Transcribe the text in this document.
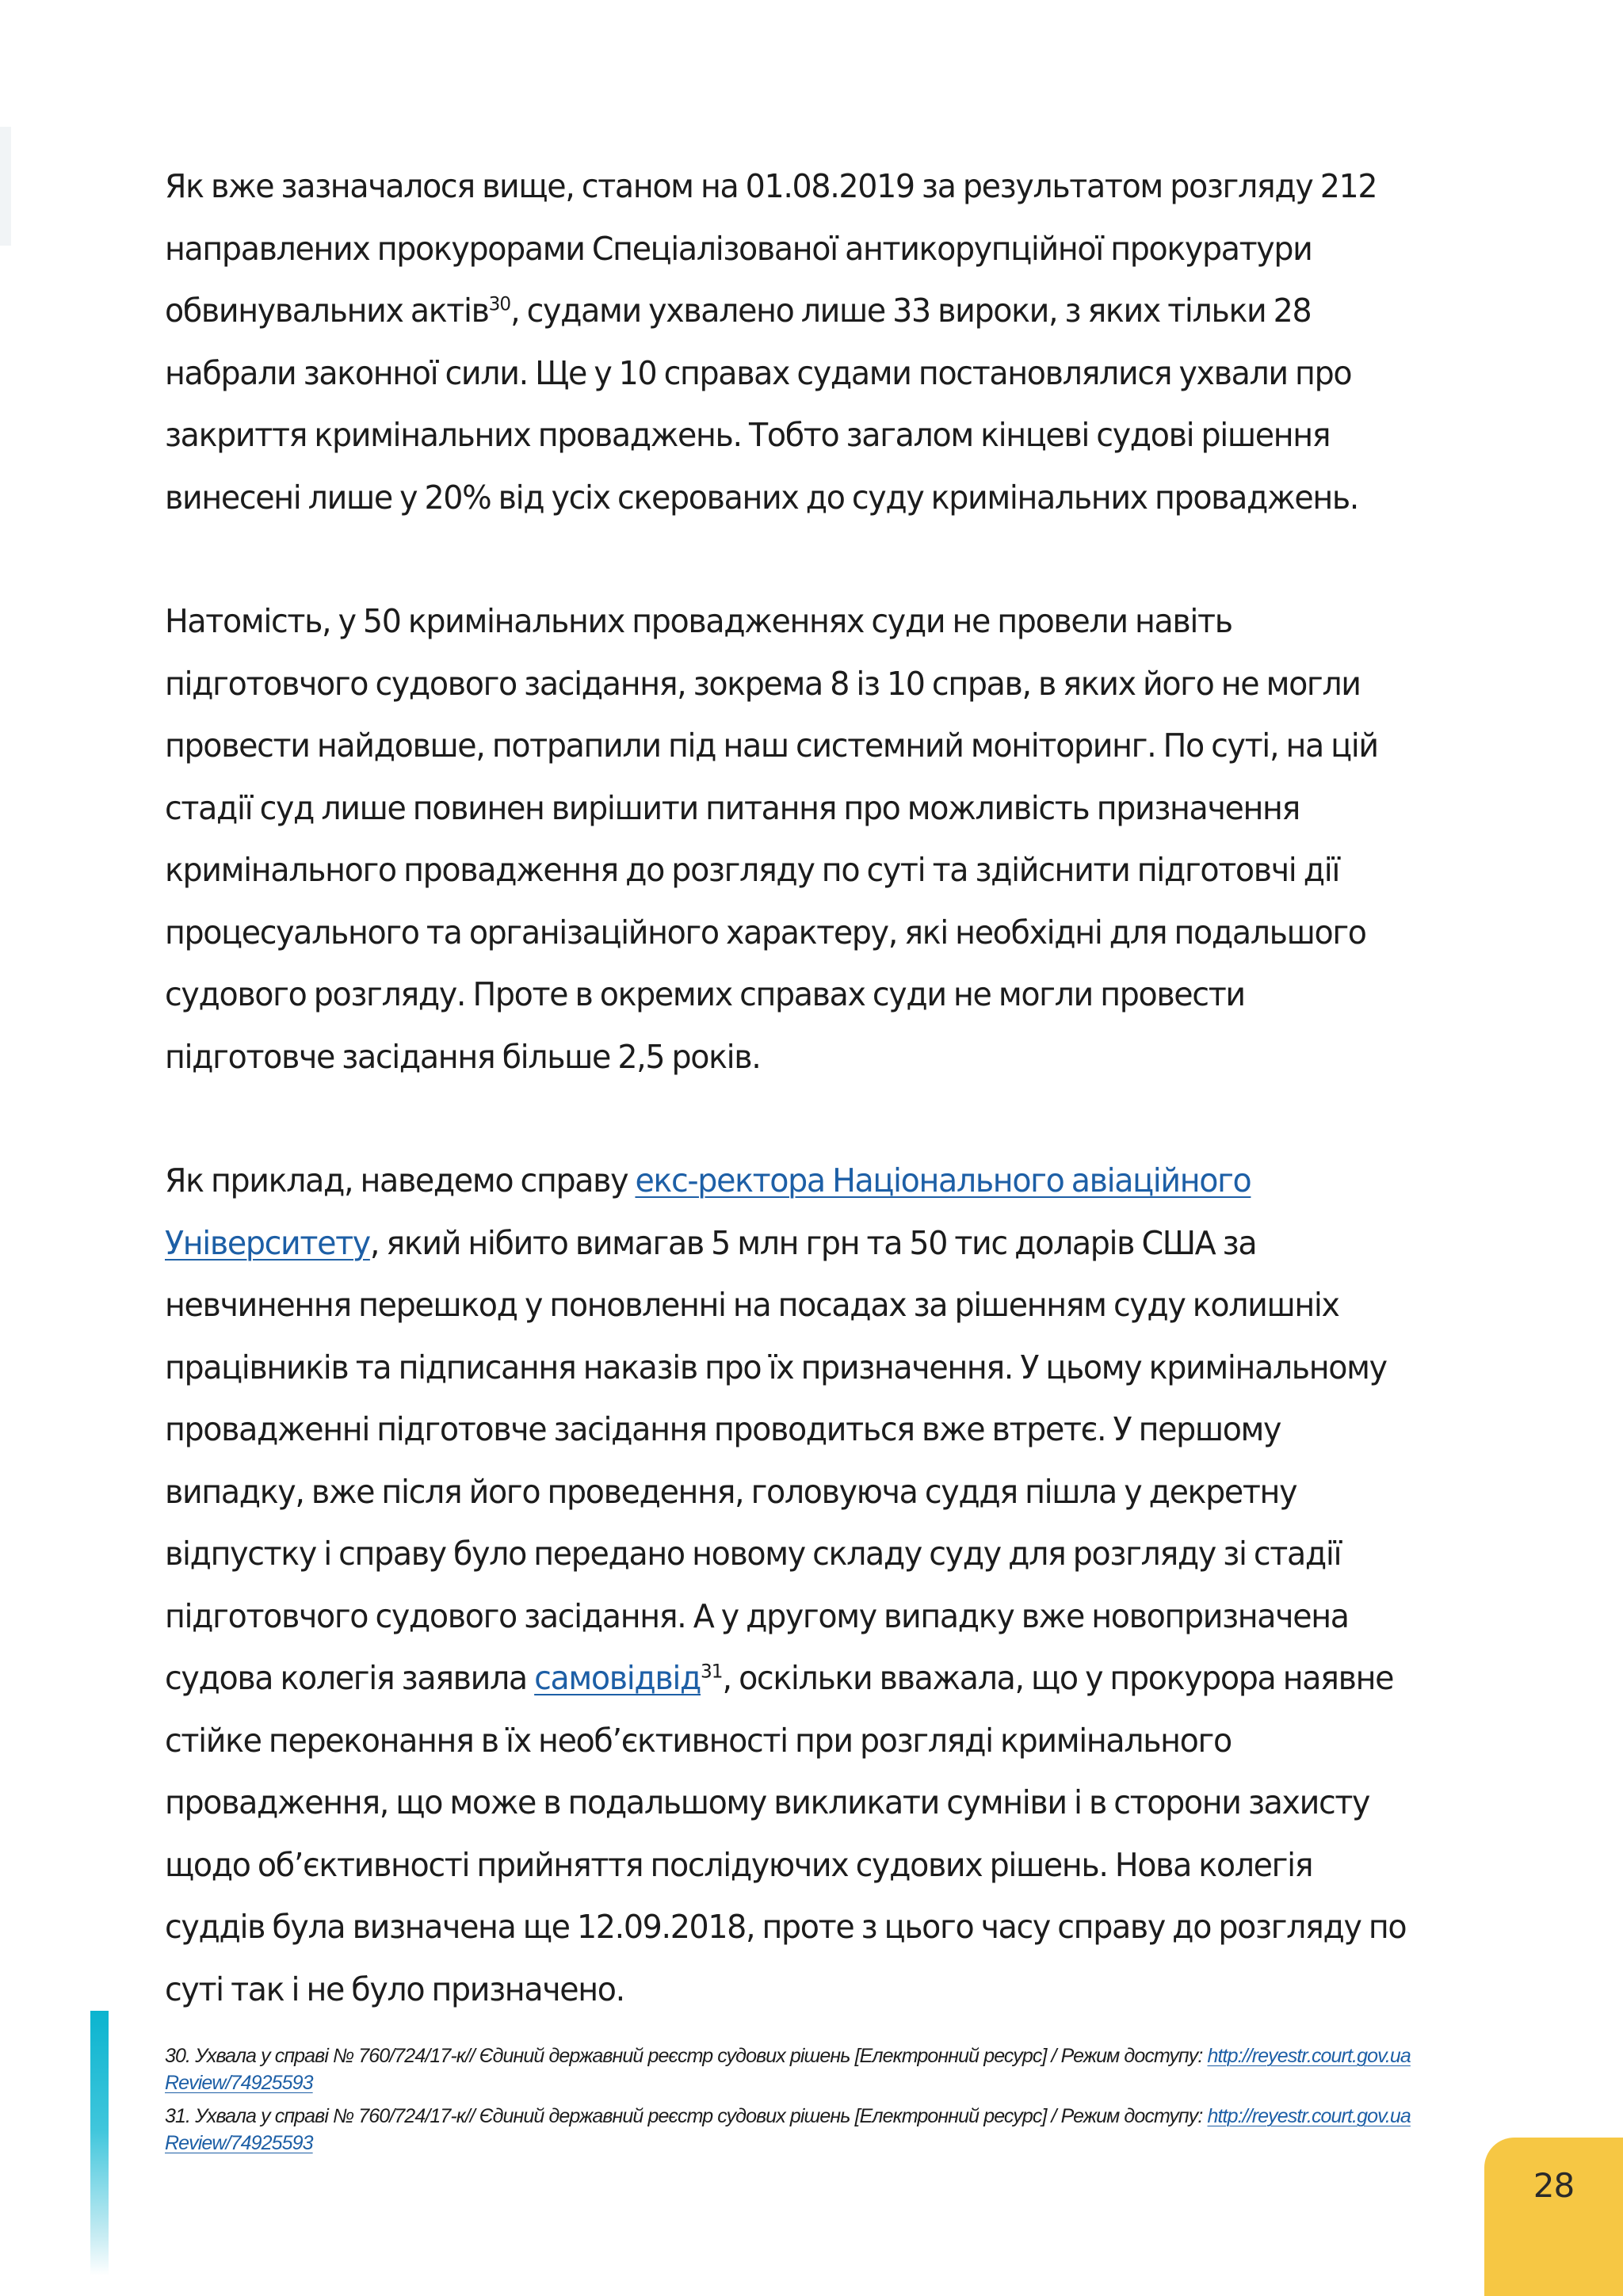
Як вже зазначалося вище, станом на 01.08.2019 за результатом розгляду 212 направлених прокурорами Спеціалізованої антикорупційної прокуратури обвинувальних актів$^{30}$, судами ухвалено лише 33 вироки, з яких тільки 28 набрали законної сили. Ще у 10 справах судами постановлялися ухвали про закриття кримінальних проваджень. Тобто загалом кінцеві судові рішення винесені лише у 20% від усіх скерованих до суду кримінальних проваджень.

Натомість, у 50 кримінальних провадженнях суди не провели навіть підготовчого судового засідання, зокрема 8 із 10 справ, в яких його не могли провести найдовше, потрапили під наш системний моніторинг. По суті, на цій стадії суд лише повинен вирішити питання про можливість призначення кримінального провадження до розгляду по суті та здійснити підготовчі дії процесуального та організаційного характеру, які необхідні для подальшого судового розгляду. Проте в окремих справах суди не могли провести підготовче засідання більше 2,5 років.

Як приклад, наведемо справу екс-ректора Національного авіаційного Університету, який нібито вимагав 5 млн грн та 50 тис доларів США за невчинення перешкод у поновленні на посадах за рішенням суду колишніх працівників та підписання наказів про їх призначення. У цьому кримінальному провадженні підготовче засідання проводиться вже втретє. У першому випадку, вже після його проведення, головуюча суддя пішла у декретну відпустку і справу було передано новому складу суду для розгляду зі стадії підготовчого судового засідання. А у другому випадку вже новопризначена судова колегія заявила самовідвід$^{31}$, оскільки вважала, що у прокурора наявне стійке переконання в їх необ’єктивності при розгляді кримінального провадження, що може в подальшому викликати сумніви і в сторони захисту щодо об’єктивності прийняття послідуючих судових рішень. Нова колегія суддів була визначена ще 12.09.2018, проте з цього часу справу до розгляду по суті так і не було призначено.

30. Ухвала у справі № 760/724/17-к// Єдиний державний реєстр судових рішень [Електронний ресурс] / Режим доступу: http://reyestr.court.gov.ua Review/74925593

31. Ухвала у справі № 760/724/17-к// Єдиний державний реєстр судових рішень [Електронний ресурс] / Режим доступу: http://reyestr.court.gov.ua Review/74925593

28
